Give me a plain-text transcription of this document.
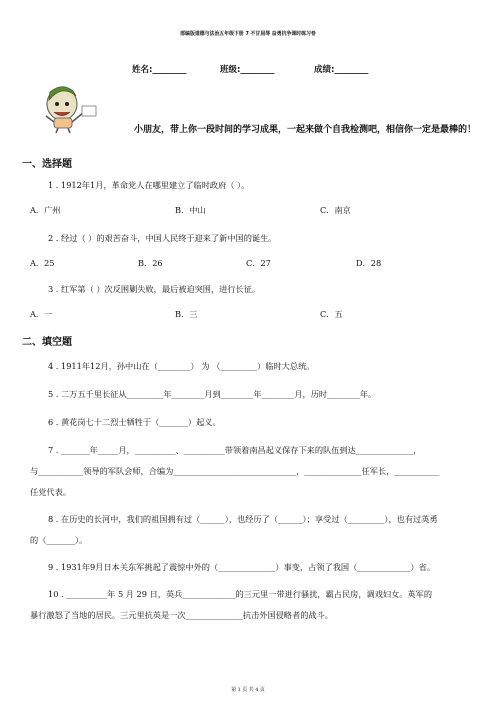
部编版道德与法治五年级下册 7 不甘屈辱 奋勇抗争课时练习卷
姓名:________	班级:________	成绩:________
小朋友，带上你一段时间的学习成果，一起来做个自我检测吧，相信你一定是最棒的！
一、选择题
1 . 1912年1月，革命党人在哪里建立了临时政府（ ）。
A．广州	B．中山	C．南京
2 . 经过（ ）的艰苦奋斗，中国人民终于迎来了新中国的诞生。
A．25	B．26	C．27	D．28
3 . 红军第（ ）次反围剿失败，最后被迫突围，进行长征。
A．一	B．三	C．五
二、填空题
4 . 1911年12月，孙中山在（________） 为 （_________）临时大总统。
5 . 二万五千里长征从_________年________月到________年________月，历时________年。
6 . 黄花岗七十二烈士牺牲于（_______）起义。
7 . _______年_____月，__________、__________带领着南昌起义保存下来的队伍到达______________，
与___________领导的军队会师，合编为______________________________，______________任军长，___________
任党代表。
8 . 在历史的长河中，我们的祖国拥有过（______），也经历了（______）；享受过（_________），也有过英勇
的（_______）。
9 . 1931年9月日本关东军挑起了震惊中外的（______________）事变，占领了我国（_____________）省。
10 . __________年 5 月 29 日，英兵_____________的三元里一带进行骚扰，霸占民房，调戏妇女。英军的
暴行激怒了当地的居民。三元里抗英是一次______________抗击外国侵略者的战斗。
第 1 页 共 4 页
